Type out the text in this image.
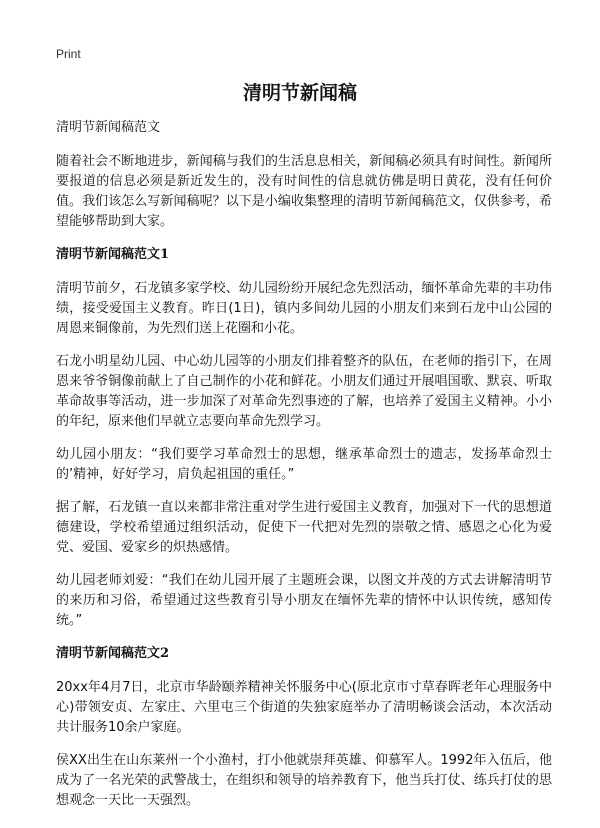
Print
清明节新闻稿

清明节新闻稿范文

随着社会不断地进步，新闻稿与我们的生活息息相关，新闻稿必须具有时间性。新闻所要报道的信息必须是新近发生的，没有时间性的信息就仿佛是明日黄花，没有任何价值。我们该怎么写新闻稿呢？以下是小编收集整理的清明节新闻稿范文，仅供参考，希望能够帮助到大家。

清明节新闻稿范文1

清明节前夕，石龙镇多家学校、幼儿园纷纷开展纪念先烈活动，缅怀革命先辈的丰功伟绩，接受爱国主义教育。昨日(1日)，镇内多间幼儿园的小朋友们来到石龙中山公园的周恩来铜像前，为先烈们送上花圈和小花。

石龙小明星幼儿园、中心幼儿园等的小朋友们排着整齐的队伍，在老师的指引下，在周恩来爷爷铜像前献上了自己制作的小花和鲜花。小朋友们通过开展唱国歌、默哀、听取革命故事等活动，进一步加深了对革命先烈事迹的了解，也培养了爱国主义精神。小小的年纪，原来他们早就立志要向革命先烈学习。

幼儿园小朋友：“我们要学习革命烈士的思想，继承革命烈士的遗志，发扬革命烈士的’精神，好好学习，肩负起祖国的重任。”

据了解，石龙镇一直以来都非常注重对学生进行爱国主义教育，加强对下一代的思想道德建设，学校希望通过组织活动，促使下一代把对先烈的崇敬之情、感恩之心化为爱党、爱国、爱家乡的炽热感情。

幼儿园老师刘爱：“我们在幼儿园开展了主题班会课，以图文并茂的方式去讲解清明节的来历和习俗，希望通过这些教育引导小朋友在缅怀先辈的情怀中认识传统，感知传统。”

清明节新闻稿范文2

20xx年4月7日，北京市华龄颐养精神关怀服务中心(原北京市寸草春晖老年心理服务中心)带领安贞、左家庄、六里屯三个街道的失独家庭举办了清明畅谈会活动，本次活动共计服务10余户家庭。

侯XX出生在山东莱州一个小渔村，打小他就崇拜英雄、仰慕军人。1992年入伍后，他成为了一名光荣的武警战士，在组织和领导的培养教育下，他当兵打仗、练兵打仗的思想观念一天比一天强烈。
